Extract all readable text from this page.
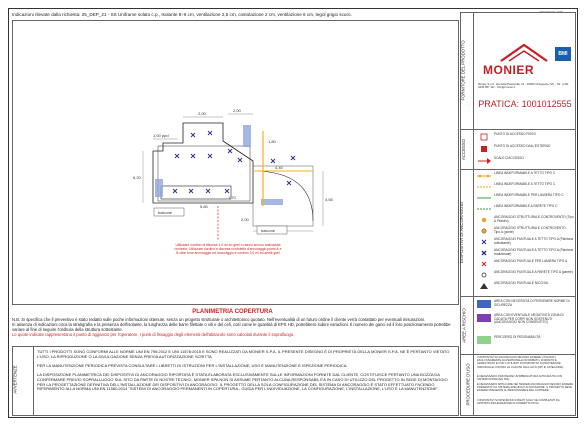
0001/00201-2025
Indicazioni rilevate dalla richiesta: 25_DEP_21 - SS Uniframe solato c.p., Isolante 8÷6 cm, ventilazione 2,5 cm, costolazione 2 cm, ventilazione 6 cm, tegol grigio scuro.
1,00 ppd
2,00
2,00
4,40
4,55
2,00
6,20
5,80
1,80
1,70
balcone
balcone
Utilizzare cordino di discesa 1,0 ml ed girel o rasoio ad uso anticaduta richiesto. Utilizzare cordino e discesa cordoletto d'ancoraggio punto A e B oltre fune ancoraggio ed ancoraggio e cordino 3,0 ml ed anelli girel
PLANIMETRIA COPERTURA
N.B. Si specifica che il preventivo è stato redatto sulle poche informazioni ottenute, senza un progetto strutturale o architettonico quotato. Nell'eventualità di un futuro ordine il cliente verrà contattato per eventuali misurazioni.
In assenza di indicazioni circa la stratigrafia e la presenza dell'isolante, la lunghezza delle barre filettate o viti e del celi, così come le quantità di EPS HD, potrebbero subire variazioni. Il numero dei ganci ed il loro posizionamento potrebbe variare al fine di seguire l'orditura della struttura sottostante.
Le quote indicate rappresentano il punto di aggancio per l'operatore. I punti di fissaggio degli elementi dell'abitacolo sono calcolati durante il sopralluogo.
AVVERTENZE
TUTTI I PRODOTTI SONO CONFORMI ALLE NORME UNI EN 795:2012 E UNI 11578:2015 E SONO REALIZZATI DA MONIER S.P.A. IL PRESENTE DISEGNO È DI PROPRIETÀ DELLA MONIER S.P.A. NE È PERTANTO VIETATO L'USO, LA RIPRODUZIONE O LA DIVULGAZIONE SENZA PREVIA AUTORIZZAZIONE SCRITTA.
PER LA MANUTENZIONE PERIODICA PREVISTA CONSULTARE I LIBRETTI DI ISTRUZIONI PER L'INSTALLAZIONE, USO E MANUTENZIONE E ISPEZIONE PERIODICA.
LA DISPOSIZIONE PLANIMETRICA DEI DISPOSITIVI DI ANCORAGGIO RIPORTATA È STATA ELABORATA ESCLUSIVAMENTE SULLE INFORMAZIONI FORNITE DAL CLIENTE, COSTITUISCE PERTANTO UNA BOZZA DA CONFERMARE PREVIO SOPRALLUOGO SUL SITO DA PARTE DI NOSTRI TECNICI. MONIER SPA NON SI ASSUME PERTANTO ALCUNA RESPONSABILITÀ IN CASO DI UTILIZZO DEL PROGETTO IN SEDE DI MONTAGGIO PER LA PROGETTAZIONE DEFINITIVA DELL'INSTALLAZIONE DEI DISPOSITIVI DI ANCORAGGIO. IL PROGETTO DELLA SOLA CONFIGURAZIONE DEL SISTEMA DI ANCORAGGIO È STATO EFFETTUATO FACENDO RIFERIMENTO ALLA NORMA UNI EN 11560:2014 "SISTEMI DI ANCORAGGIO PERMANENTI IN COPERTURA - GUIDA PER L'INDIVIDUAZIONE, LA CONFIGURAZIONE, L'INSTALLAZIONE, L'USO E LA MANUTENZIONE".
FORNITORE DEL PRODOTTO MONIER
BMI
Monier S.p.A. Via della Pastorella, 21 - 36060 Chiuppano (VI) - Tel. (+39) 0445 857 111 - info@monier.it
PRATICA: 1001012555
ACCESSO
PUNTO DI ACCESSO FISSO
PUNTO DI ACCESSO DALL'ESTERNO
SCALE D'ACCESSO
DISPOSITIVI DI ANCORAGGIO
LINEA INDEFORMABILE A TETTO TIPO C
LINEA INDEFORMABILE A TETTO TIPO C
LINEA INDEFORMABILE PER LAMIERA TIPO C
LINEA INDEFORMABILE A PARETE TIPO C
ANCORAGGIO STRUTTURALE CONTROVENTO (Tipo A Pilastro)
ANCORAGGIO STRUTTURALE CONTROVENTO - Tipo A (ponte)
ANCORAGGIO PUNTUALE A TETTO TIPO A (Piantona sottostante)
ANCORAGGIO PUNTUALE A TETTO TIPO A (Piantone tradizionale)
ANCORAGGIO PUNTUALE PER LAMIERA TIPO A
ANCORAGGIO PUNTUALE A PARETE TIPO A (parete)
ANCORAGGIO PUNTUALE NICCHIA
AREE A RISCHIO
AREA CON NECESSITÀ DI PERVENIRE NORME DI SICUREZZA
AREA CON EVENTUALE NEGATIVITÀ ZONA DI CADUTA PER CORPI NON SOSTENUTI (ANCORAGGIO NON CONSENTITO)
PERCORSO DI PEDONABILITÀ
PROCEDURE D'USO
I DISPOSITIVI DI ANCORAGGIO DEVONO ESSERE UTILIZZATI ESCLUSIVAMENTE DA PERSONALE INFORMATO, FORMATO E ADDESTRATO E CON L'UTILIZZO DI DISPOSITIVI DI PROTEZIONE INDIVIDUALE CONTRO LE CADUTE DALL'ALTO (DPI III CATEGORIA).
È NECESSARIO INDOSSARE UN'IMBRACATURA ANTICADUTA CON SISTEMI IDONEI (EN 361).
È NECESSARIO APPLICARE NEI TENDER ANCORAGGIO DEVONO ESSERE PRESENTATI AL SISTEMA SPECIFICO IN DOTAZIONE. IL PROGETTO DEVE ESSERE PRESENTE AL RESPONSABILE DEL CANTIERE.
I DISPOSITIVI SI INTENDONO FISSATI SOLO SE COMPLETATI DA APPOSITA DICHIARAZIONE DI CORRETTA POSA.
